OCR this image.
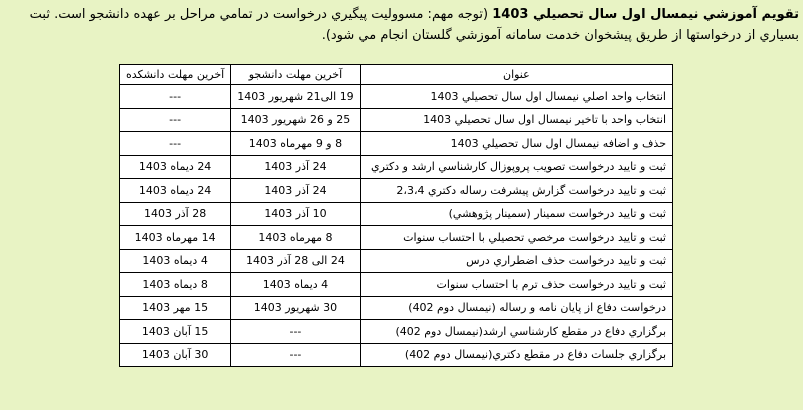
تقويم آموزشي نيمسال اول سال تحصيلي 1403 (توجه مهم: مسووليت پيگيري درخواست در تمامي مراحل بر عهده دانشجو است. ثبت بسياري از درخواستها از طريق پيشخوان خدمت سامانه آموزشي گلستان انجام مي شود).
عنوان	آخرين مهلت دانشجو	آخرين مهلت دانشكده
انتخاب واحد اصلي نيمسال اول سال تحصيلي 1403	19 الی21 شهريور 1403	---
انتخاب واحد با تاخير نيمسال اول سال تحصيلي 1403	25 و 26 شهريور 1403	---
حذف و اضافه نيمسال اول سال تحصيلي 1403	8 و 9 مهرماه 1403	---
ثبت و تاييد درخواست تصويب پروپوزال كارشناسي ارشد و دكتري	24 آذر 1403	24 ديماه 1403
ثبت و تاييد درخواست گزارش پيشرفت رساله دكتري 2،3،4	24 آذر 1403	24 ديماه 1403
ثبت و تاييد درخواست سمينار (سمينار پژوهشي)	10 آذر 1403	28 آذر 1403
ثبت و تاييد درخواست مرخصي تحصيلي با احتساب سنوات	8 مهرماه 1403	14 مهرماه 1403
ثبت و تاييد درخواست حذف اضطراري درس	24 الی 28 آذر 1403	4 ديماه 1403
ثبت و تاييد درخواست حذف ترم با احتساب سنوات	4 ديماه 1403	8 ديماه 1403
درخواست دفاع از پايان نامه و رساله (نيمسال دوم 402)	30 شهريور 1403	15 مهر 1403
برگزاري دفاع در مقطع كارشناسي ارشد(نيمسال دوم 402)	---	15 آبان 1403
برگزاري جلسات دفاع در مقطع دكتري(نيمسال دوم 402)	---	30 آبان 1403
